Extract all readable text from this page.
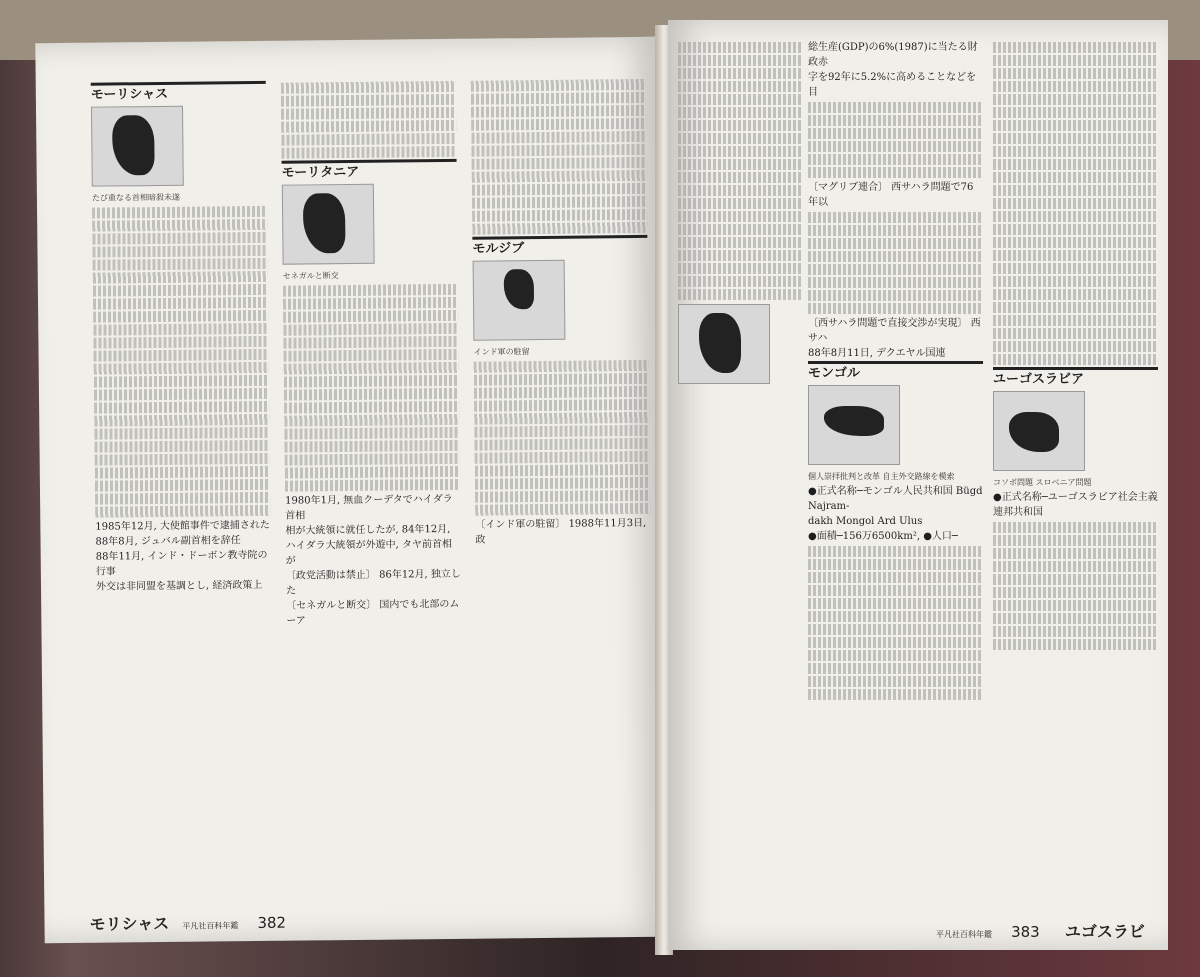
モーリシャス
たび重なる首相暗殺未遂
1985年12月, 大使館事件で逮捕された
88年8月, ジュバル副首相を辞任
88年11月, インド・ドーボン教寺院の行事
外交は非同盟を基調とし, 経済政策上
モーリタニア
セネガルと断交
1980年1月, 無血クーデタでハイダラ首相
相が大統領に就任したが, 84年12月,
ハイダラ大統領が外遊中, タヤ前首相が
〔政党活動は禁止〕 86年12月, 独立した
〔セネガルと断交〕 国内でも北部のムーア
モルジブ
インド軍の駐留
〔インド軍の駐留〕 1988年11月3日, 政
モリシャス 平凡社百科年鑑 382
総生産(GDP)の6%(1987)に当たる財政赤
字を92年に5.2%に高めることなどを目
〔マグリブ連合〕 西サハラ問題で76年以
〔西サハラ問題で直接交渉が実現〕 西サハ
88年8月11日, デクエヤル国連
モンゴル
個人崇拝批判と改革 自主外交路線を模索
●正式名称─モンゴル人民共和国 Bügd Najram-
dakh Mongol Ard Ulus
●面積─156万6500km², ●人口─
ユーゴスラビア
コソボ問題 スロベニア問題
●正式名称─ユーゴスラビア社会主義連邦共和国
平凡社百科年鑑 383 ユゴスラビ
